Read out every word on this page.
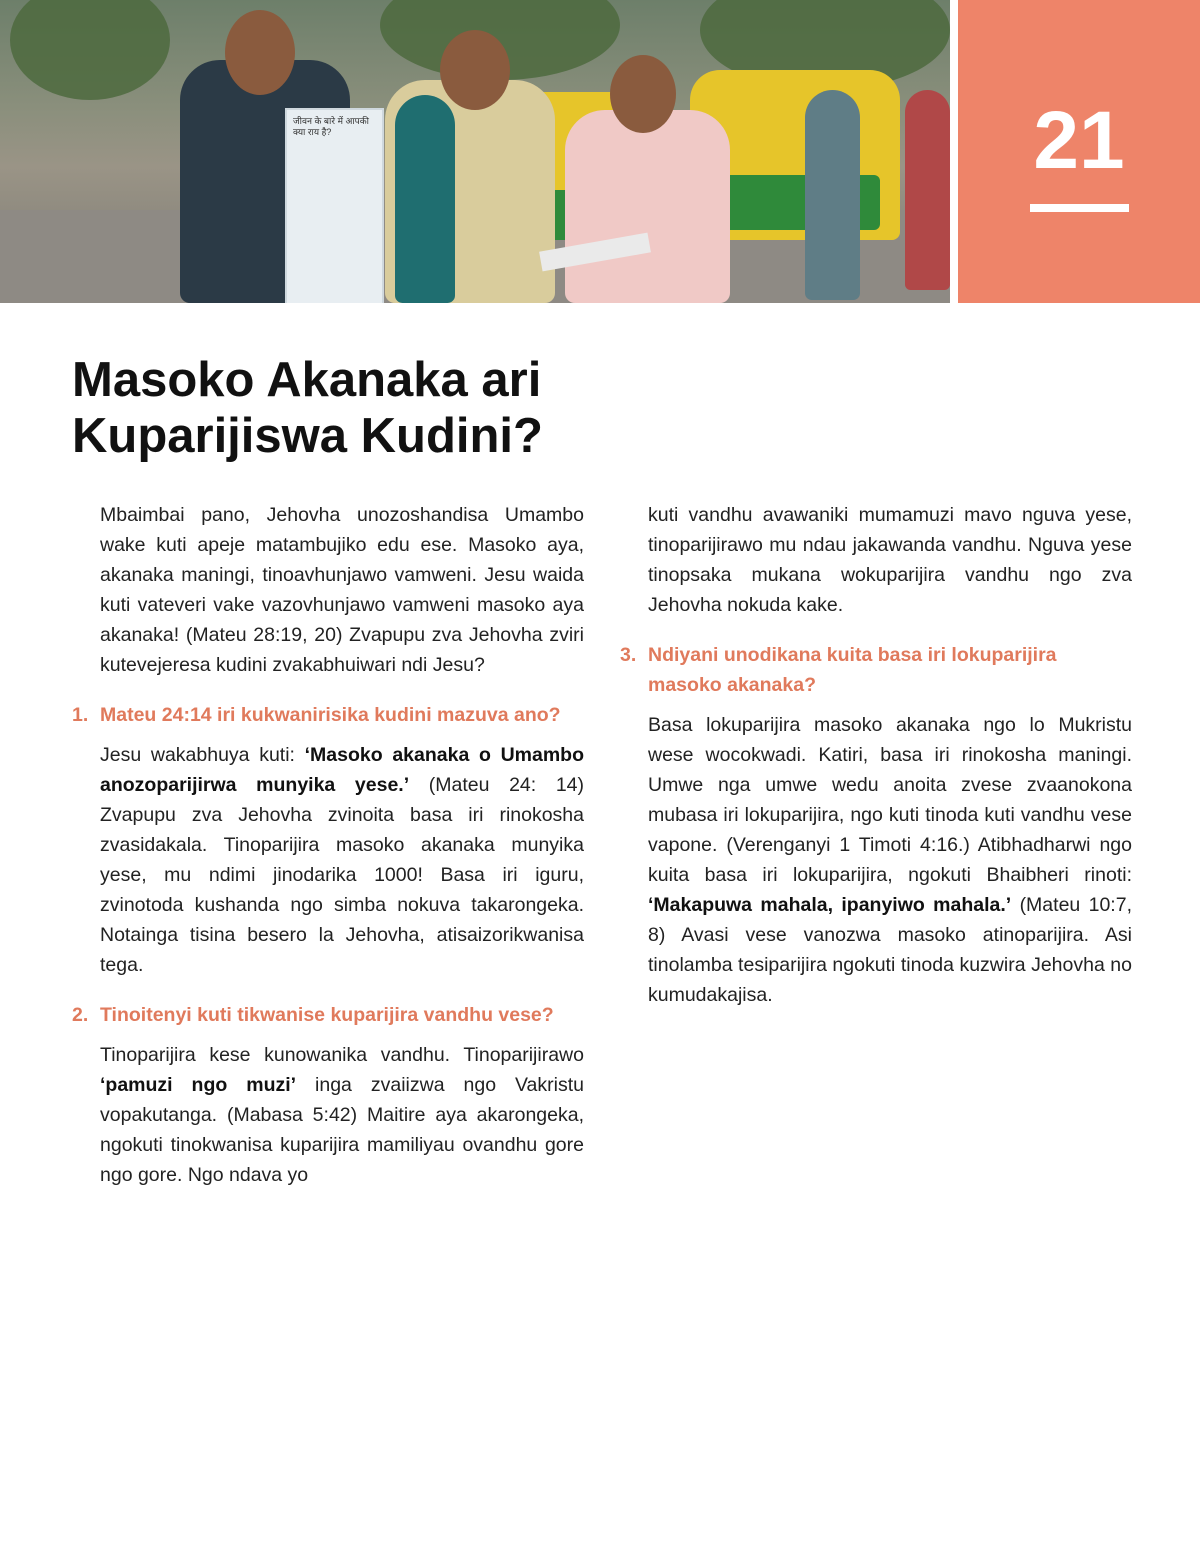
जीवन के बारे में आपकी क्या राय है?	21
Masoko Akanaka ari Kuparijiswa Kudini?

Mbaimbai pano, Jehovha unozoshandisa Umambo wake kuti apeje matambujiko edu ese. Masoko aya, akanaka maningi, tinoavhunjawo vamweni. Jesu waida kuti vateveri vake vazovhunjawo vamweni masoko aya akanaka! (Mateu 28:19, 20) Zvapupu zva Jehovha zviri kutevejeresa kudini zvakabhuiwari ndi Jesu?

1. Mateu 24:14 iri kukwanirisika kudini mazuva ano?

Jesu wakabhuya kuti: ‘Masoko akanaka o Umambo anozoparijirwa munyika yese.’ (Mateu 24: 14) Zvapupu zva Jehovha zvinoita basa iri rinokosha zvasidakala. Tinoparijira masoko akanaka munyika yese, mu ndimi jinodarika 1000! Basa iri iguru, zvinotoda kushanda ngo simba nokuva takarongeka. Notainga tisina besero la Jehovha, atisaizorikwanisa tega.

2. Tinoitenyi kuti tikwanise kuparijira vandhu vese?

Tinoparijira kese kunowanika vandhu. Tinoparijirawo ‘pamuzi ngo muzi’ inga zvaiizwa ngo Vakristu vopakutanga. (Mabasa 5:42) Maitire aya akarongeka, ngokuti tinokwanisa kuparijira mamiliyau ovandhu gore ngo gore. Ngo ndava yo

kuti vandhu avawaniki mumamuzi mavo nguva yese, tinoparijirawo mu ndau jakawanda vandhu. Nguva yese tinopsaka mukana wokuparijira vandhu ngo zva Jehovha nokuda kake.

3. Ndiyani unodikana kuita basa iri lokuparijira masoko akanaka?

Basa lokuparijira masoko akanaka ngo lo Mukristu wese wocokwadi. Katiri, basa iri rinokosha maningi. Umwe nga umwe wedu anoita zvese zvaanokona mubasa iri lokuparijira, ngo kuti tinoda kuti vandhu vese vapone. (Verenganyi 1 Timoti 4:16.) Atibhadharwi ngo kuita basa iri lokuparijira, ngokuti Bhaibheri rinoti: ‘Makapuwa mahala, ipanyiwo mahala.’ (Mateu 10:7, 8) Avasi vese vanozwa masoko atinoparijira. Asi tinolamba tesiparijira ngokuti tinoda kuzwira Jehovha no kumudakajisa.
